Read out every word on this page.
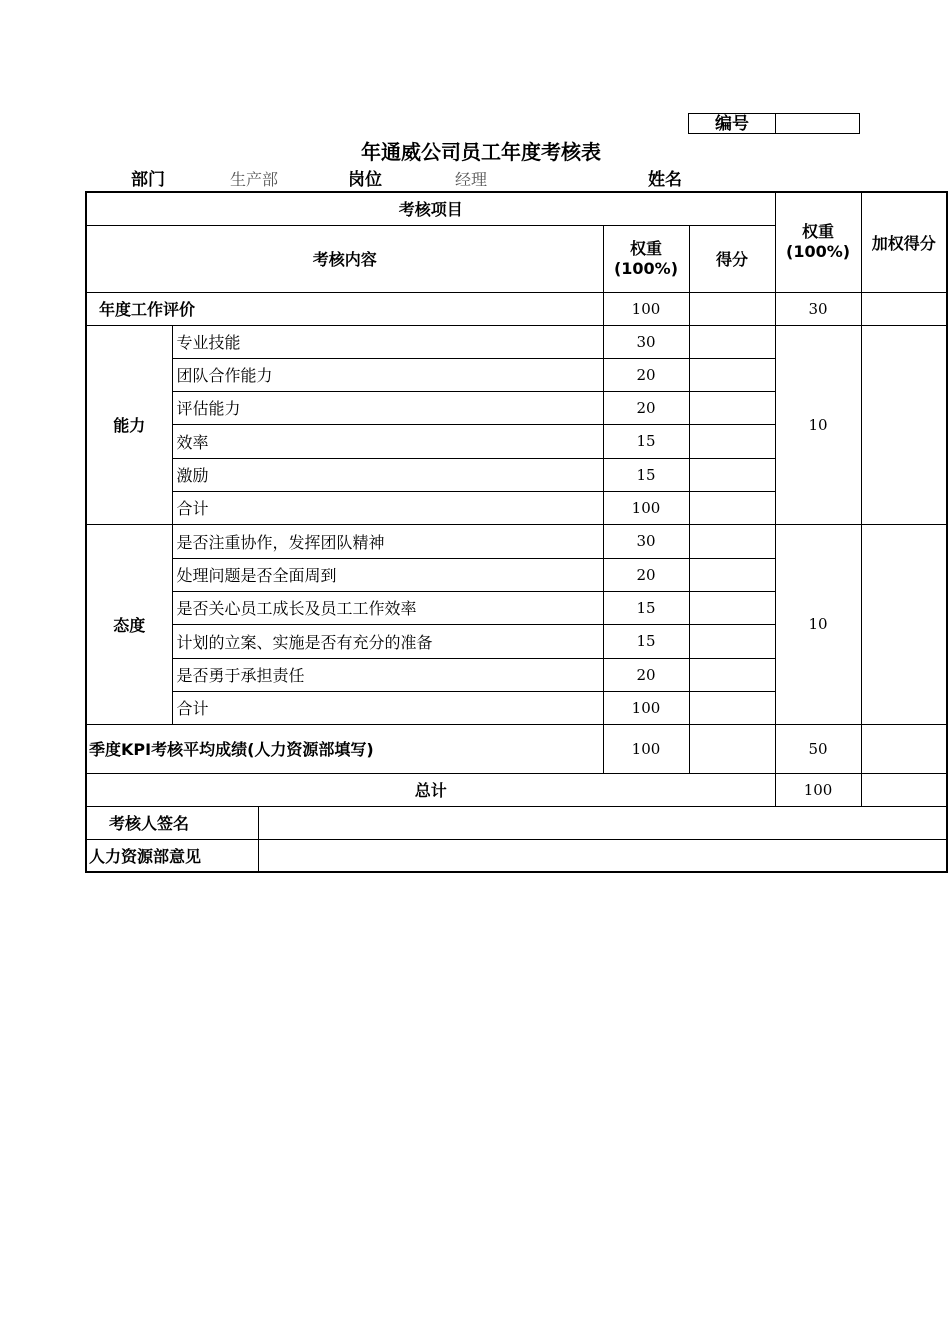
编号
年通威公司员工年度考核表
部门	生产部	岗位	经理	姓名
考核项目					权重
(100%)	加权得分
考核内容			权重
(100%)	得分		
年度工作评价			100		30	
能力	专业技能		30		10	
	团队合作能力		20			
	评估能力		20			
	效率		15			
	激励		15			
	合计		100			
态度	是否注重协作，发挥团队精神		30		10	
	处理问题是否全面周到		20			
	是否关心员工成长及员工工作效率		15			
	计划的立案、实施是否有充分的准备		15			
	是否勇于承担责任		20			
	合计		100			
季度KPI考核平均成绩(人力资源部填写)			100		50	
总计					100	
考核人签名						
人力资源部意见						
